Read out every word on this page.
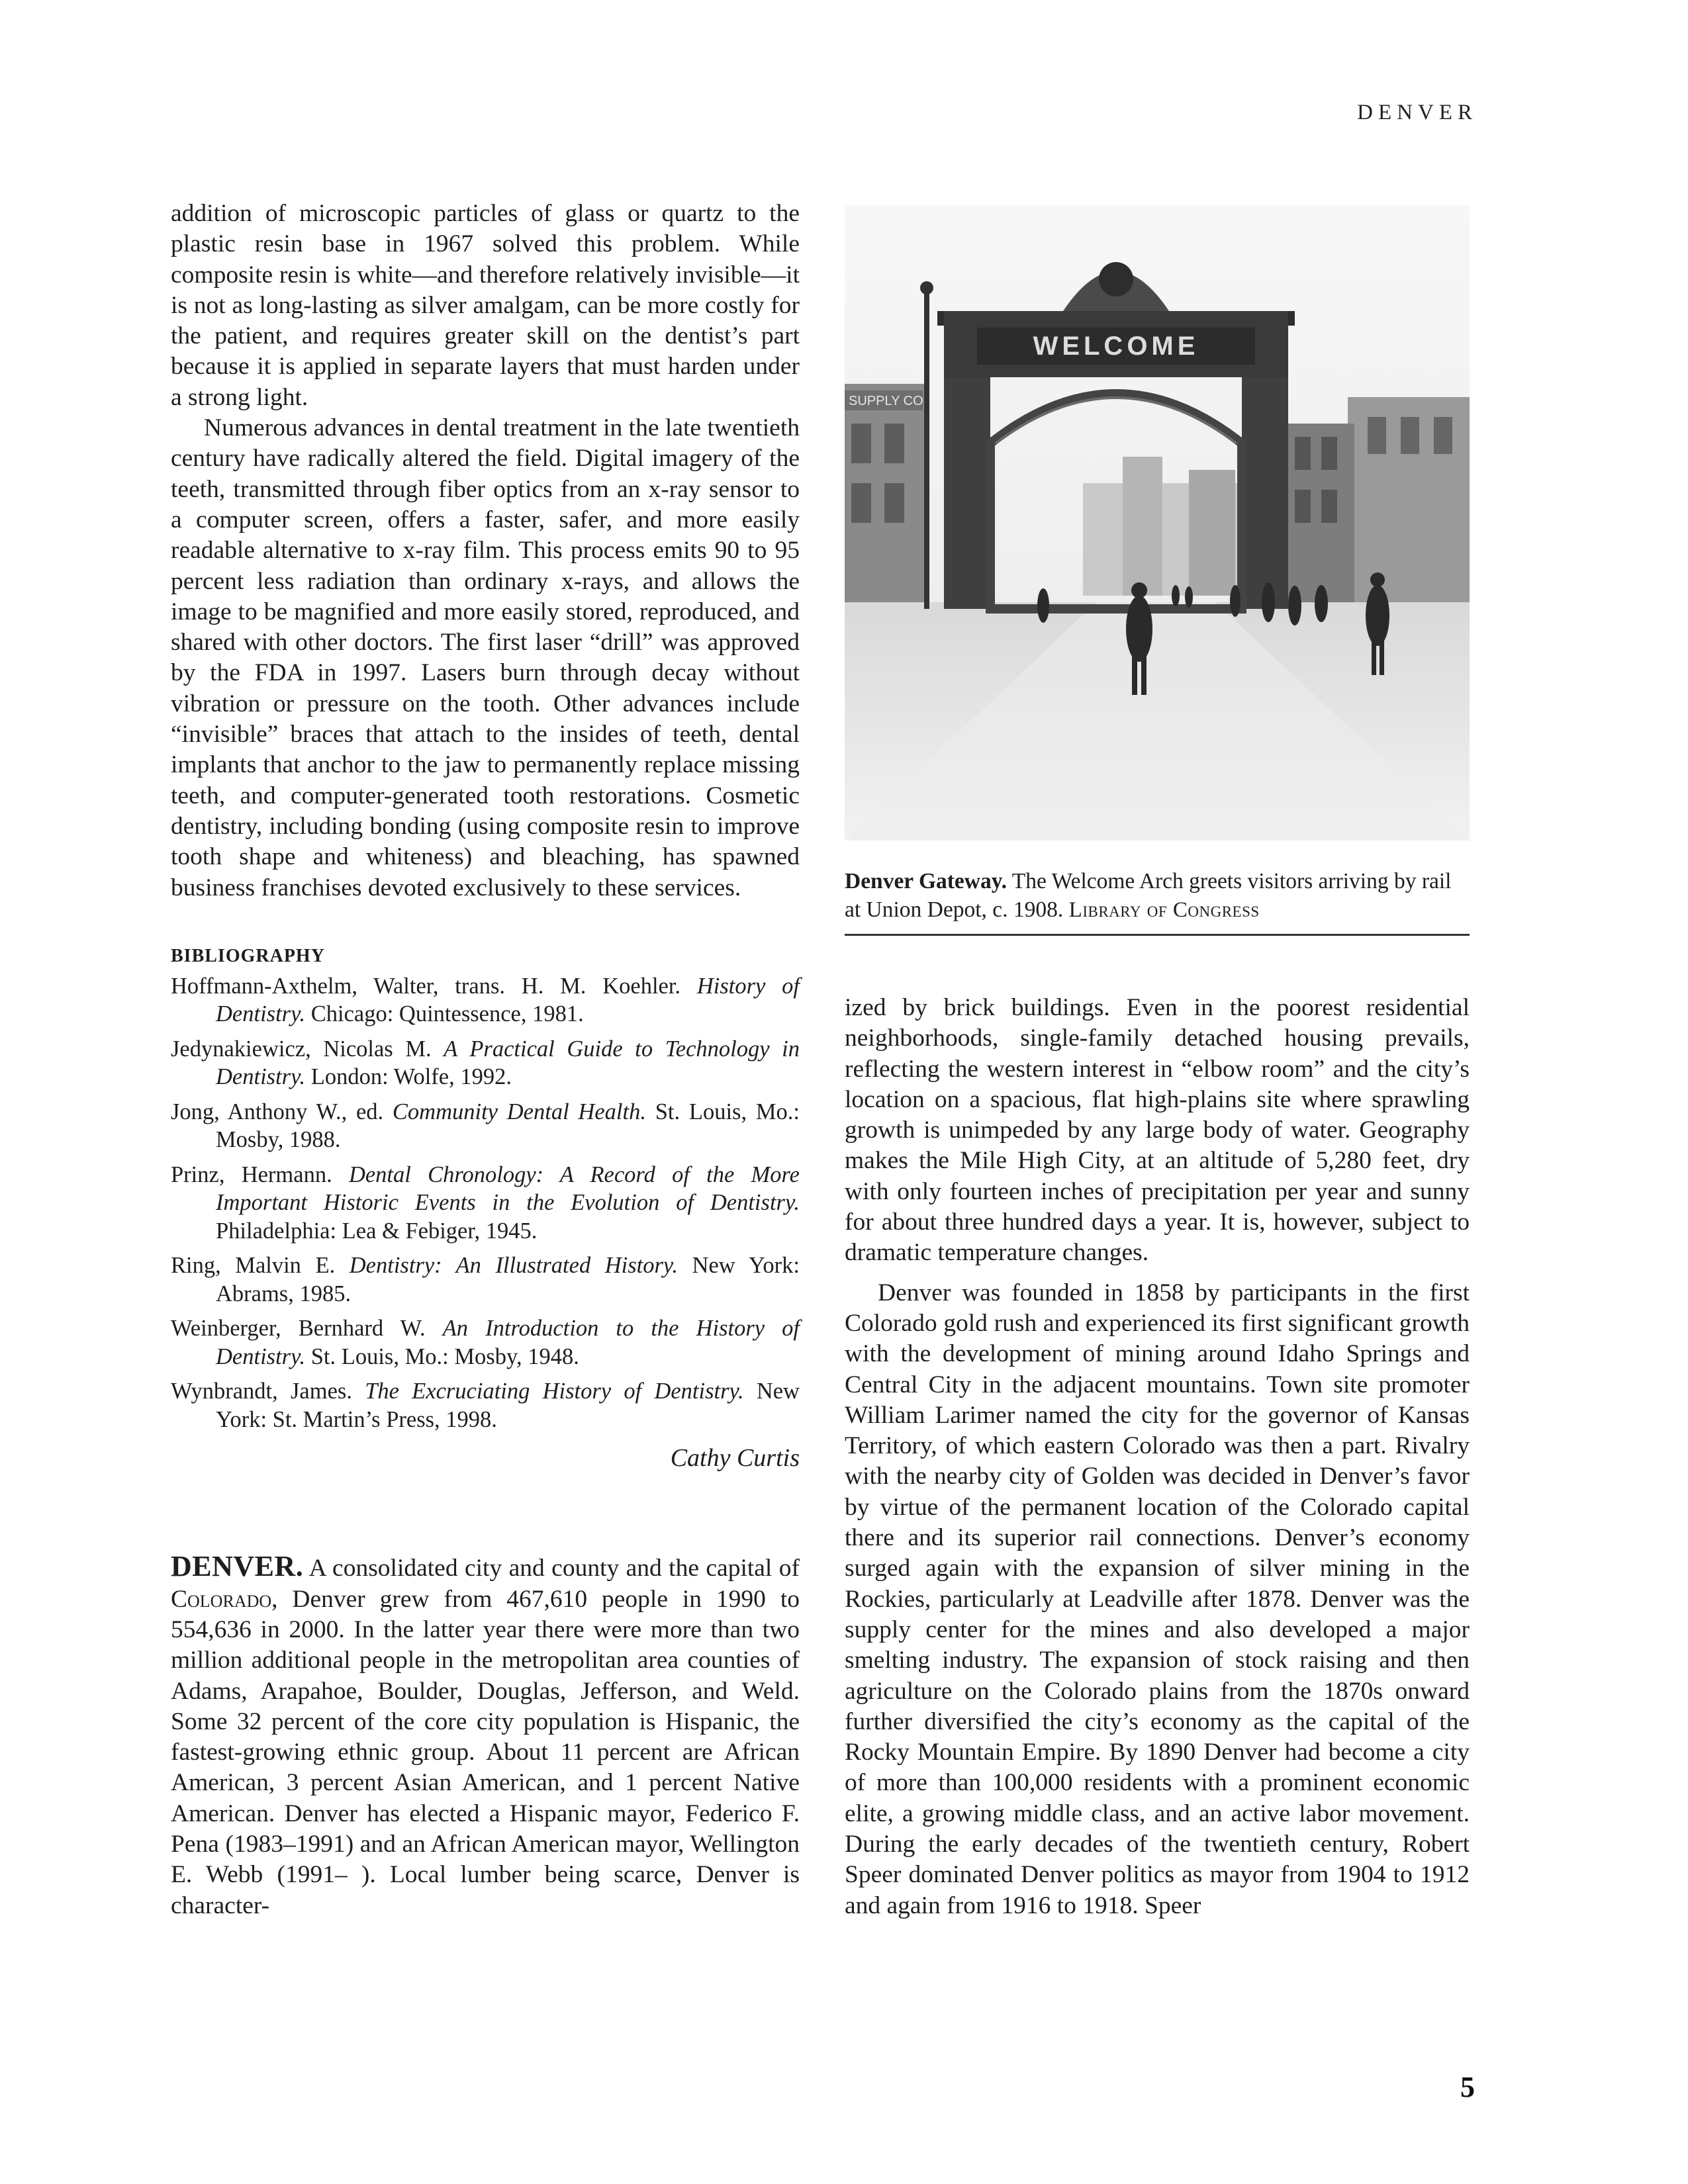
DENVER

addition of microscopic particles of glass or quartz to the plastic resin base in 1967 solved this problem. While composite resin is white—and therefore relatively invisible—it is not as long-lasting as silver amalgam, can be more costly for the patient, and requires greater skill on the dentist’s part because it is applied in separate layers that must harden under a strong light.

Numerous advances in dental treatment in the late twentieth century have radically altered the field. Digital imagery of the teeth, transmitted through fiber optics from an x-ray sensor to a computer screen, offers a faster, safer, and more easily readable alternative to x-ray film. This process emits 90 to 95 percent less radiation than ordinary x-rays, and allows the image to be magnified and more easily stored, reproduced, and shared with other doctors. The first laser “drill” was approved by the FDA in 1997. Lasers burn through decay without vibration or pressure on the tooth. Other advances include “invisible” braces that attach to the insides of teeth, dental implants that anchor to the jaw to permanently replace missing teeth, and computer-generated tooth restorations. Cosmetic dentistry, including bonding (using composite resin to improve tooth shape and whiteness) and bleaching, has spawned business franchises devoted exclusively to these services.

BIBLIOGRAPHY
Hoffmann-Axthelm, Walter, trans. H. M. Koehler. History of Dentistry. Chicago: Quintessence, 1981.
Jedynakiewicz, Nicolas M. A Practical Guide to Technology in Dentistry. London: Wolfe, 1992.
Jong, Anthony W., ed. Community Dental Health. St. Louis, Mo.: Mosby, 1988.
Prinz, Hermann. Dental Chronology: A Record of the More Important Historic Events in the Evolution of Dentistry. Philadelphia: Lea & Febiger, 1945.
Ring, Malvin E. Dentistry: An Illustrated History. New York: Abrams, 1985.
Weinberger, Bernhard W. An Introduction to the History of Dentistry. St. Louis, Mo.: Mosby, 1948.
Wynbrandt, James. The Excruciating History of Dentistry. New York: St. Martin’s Press, 1998.
Cathy Curtis

DENVER. A consolidated city and county and the capital of Colorado, Denver grew from 467,610 people in 1990 to 554,636 in 2000. In the latter year there were more than two million additional people in the metropolitan area counties of Adams, Arapahoe, Boulder, Douglas, Jefferson, and Weld. Some 32 percent of the core city population is Hispanic, the fastest-growing ethnic group. About 11 percent are African American, 3 percent Asian American, and 1 percent Native American. Denver has elected a Hispanic mayor, Federico F. Pena (1983–1991) and an African American mayor, Wellington E. Webb (1991– ). Local lumber being scarce, Denver is character-

SUPPLY CO
WELCOME
Denver Gateway. The Welcome Arch greets visitors arriving by rail at Union Depot, c. 1908. Library of Congress

ized by brick buildings. Even in the poorest residential neighborhoods, single-family detached housing prevails, reflecting the western interest in “elbow room” and the city’s location on a spacious, flat high-plains site where sprawling growth is unimpeded by any large body of water. Geography makes the Mile High City, at an altitude of 5,280 feet, dry with only fourteen inches of precipitation per year and sunny for about three hundred days a year. It is, however, subject to dramatic temperature changes.

Denver was founded in 1858 by participants in the first Colorado gold rush and experienced its first significant growth with the development of mining around Idaho Springs and Central City in the adjacent mountains. Town site promoter William Larimer named the city for the governor of Kansas Territory, of which eastern Colorado was then a part. Rivalry with the nearby city of Golden was decided in Denver’s favor by virtue of the permanent location of the Colorado capital there and its superior rail connections. Denver’s economy surged again with the expansion of silver mining in the Rockies, particularly at Leadville after 1878. Denver was the supply center for the mines and also developed a major smelting industry. The expansion of stock raising and then agriculture on the Colorado plains from the 1870s onward further diversified the city’s economy as the capital of the Rocky Mountain Empire. By 1890 Denver had become a city of more than 100,000 residents with a prominent economic elite, a growing middle class, and an active labor movement. During the early decades of the twentieth century, Robert Speer dominated Denver politics as mayor from 1904 to 1912 and again from 1916 to 1918. Speer

5
